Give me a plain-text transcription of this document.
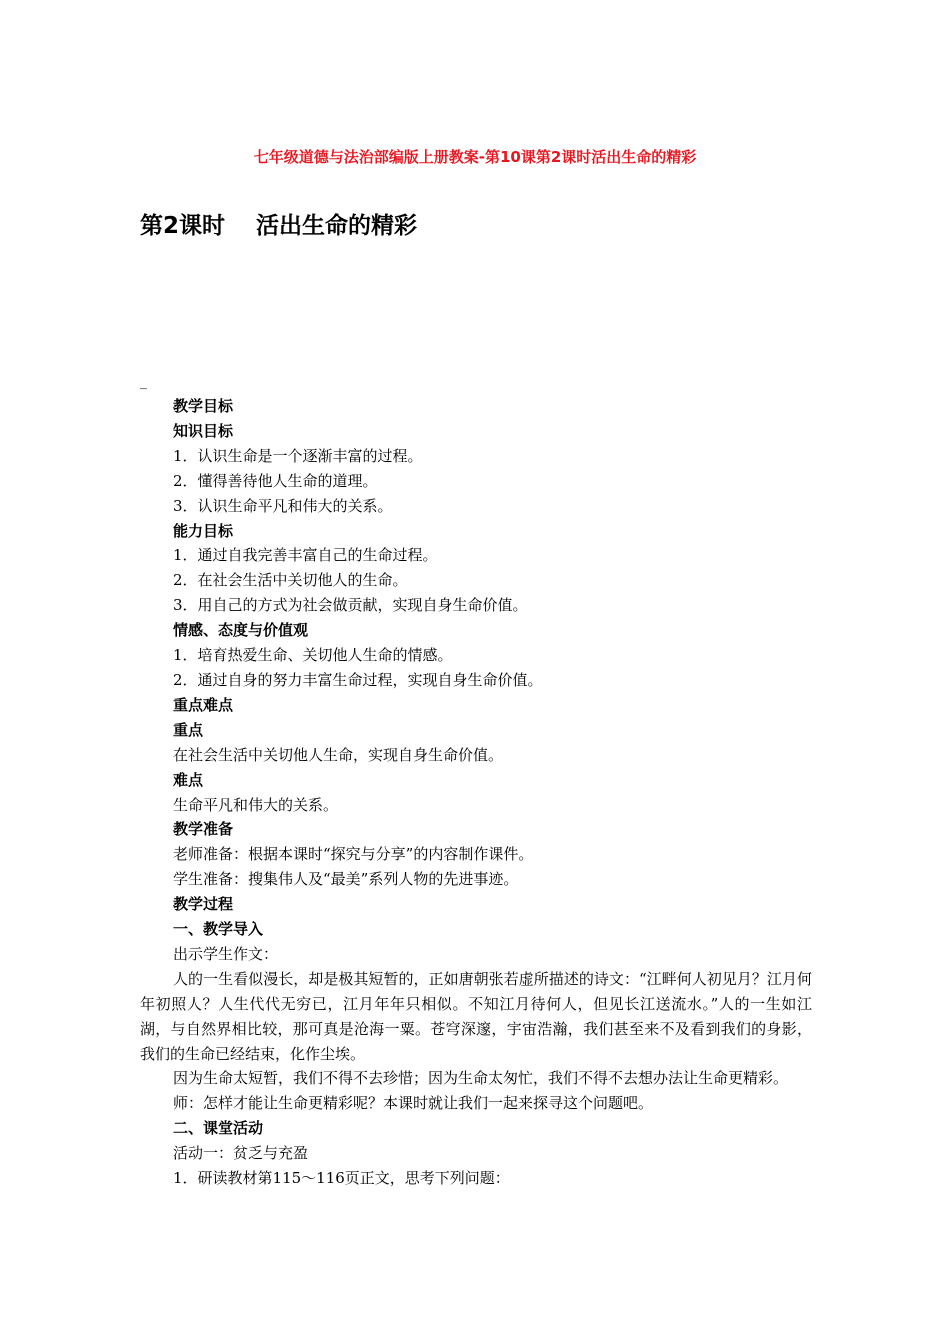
七年级道德与法治部编版上册教案-第10课第2课时活出生命的精彩
第2课时　 活出生命的精彩
_

教学目标

知识目标

1．认识生命是一个逐渐丰富的过程。

2．懂得善待他人生命的道理。

3．认识生命平凡和伟大的关系。

能力目标

1．通过自我完善丰富自己的生命过程。

2．在社会生活中关切他人的生命。

3．用自己的方式为社会做贡献，实现自身生命价值。

情感、态度与价值观

1．培育热爱生命、关切他人生命的情感。

2．通过自身的努力丰富生命过程，实现自身生命价值。

重点难点

重点

在社会生活中关切他人生命，实现自身生命价值。

难点

生命平凡和伟大的关系。

教学准备

老师准备：根据本课时“探究与分享”的内容制作课件。

学生准备：搜集伟人及“最美”系列人物的先进事迹。

教学过程

一、教学导入

出示学生作文：

人的一生看似漫长，却是极其短暂的，正如唐朝张若虚所描述的诗文：“江畔何人初见月？江月何年初照人？人生代代无穷已，江月年年只相似。不知江月待何人，但见长江送流水。”人的一生如江湖，与自然界相比较，那可真是沧海一粟。苍穹深邃，宇宙浩瀚，我们甚至来不及看到我们的身影，我们的生命已经结束，化作尘埃。

因为生命太短暂，我们不得不去珍惜；因为生命太匆忙，我们不得不去想办法让生命更精彩。

师：怎样才能让生命更精彩呢？本课时就让我们一起来探寻这个问题吧。

二、课堂活动

活动一：贫乏与充盈

1．研读教材第115～116页正文，思考下列问题：
